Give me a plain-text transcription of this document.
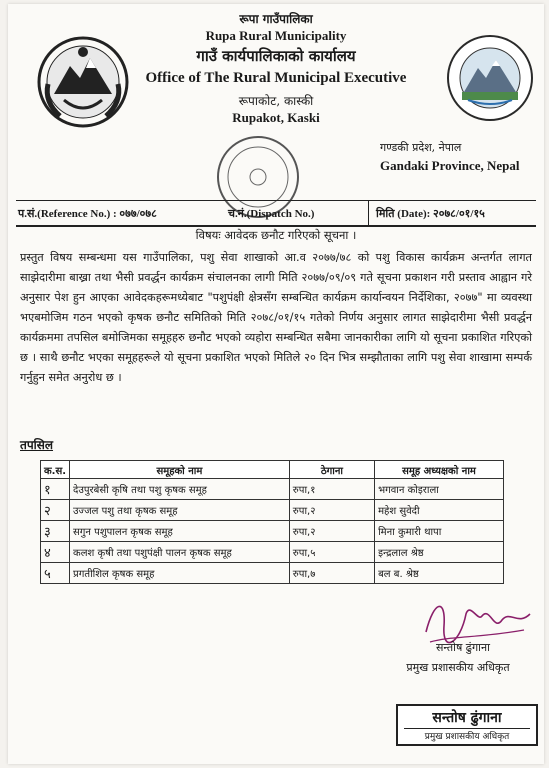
रूपा गाउँपालिका
Rupa Rural Municipality
गाउँ कार्यपालिकाको कार्यालय
Office of The Rural Municipal Executive
रूपाकोट, कास्की
Rupakot, Kaski
गण्डकी प्रदेश, नेपाल
Gandaki Province, Nepal
प.सं.(Reference No.) : ०७७/०७८	च.नं.(Dispatch No.)	मिति (Date): २०७८/०१/१५
विषयः आवेदक छनौट गरिएको सूचना ।
प्रस्तुत विषय सम्बन्धमा यस गाउँपालिका, पशु सेवा शाखाको आ.व २०७७/७८ को पशु विकास कार्यक्रम अन्तर्गत लागत साझेदारीमा बाख्रा तथा भैसी प्रवर्द्धन कार्यक्रम संचालनका लागी मिति २०७७/०९/०९ गते सूचना प्रकाशन गरी प्रस्ताव आह्वान गरे अनुसार पेश हुन आएका आवेदकहरूमध्येबाट "पशुपंक्षी क्षेत्रसँग सम्बन्धित कार्यक्रम कार्यान्वयन निर्देशिका, २०७७" मा व्यवस्था भएबमोजिम गठन भएको कृषक छनौट समितिको मिति २०७८/०१/१५ गतेको निर्णय अनुसार लागत साझेदारीमा भैसी प्रवर्द्धन कार्यक्रममा तपसिल बमोजिमका समूहहरु छनौट भएको व्यहोरा सम्बन्धित सबैमा जानकारीका लागि यो सूचना प्रकाशित गरिएको छ । साथै छनौट भएका समूहहरूले यो सूचना प्रकाशित भएको मितिले २० दिन भित्र सम्झौताका लागि पशु सेवा शाखामा सम्पर्क गर्नुहुन समेत अनुरोध छ ।
तपसिल
क.स.	समूहको नाम	ठेगाना	समूह अध्यक्षको नाम
१	देउपुरबेसी कृषि तथा पशु कृषक समूह	रुपा,१	भगवान कोइराला
२	उज्जल पशु तथा कृषक समूह	रुपा,२	महेश सुवेदी
३	सगुन पशुपालन कृषक समूह	रुपा,२	मिना कुमारी थापा
४	कलश कृषी तथा पशुपंक्षी पालन कृषक समूह	रुपा,५	इन्द्रलाल श्रेष्ठ
५	प्रगतीशिल कृषक समूह	रुपा,७	बल ब. श्रेष्ठ
सन्तोष ढुंगाना
प्रमुख प्रशासकीय अधिकृत
सन्तोष ढुंगाना
प्रमुख प्रशासकीय अधिकृत
